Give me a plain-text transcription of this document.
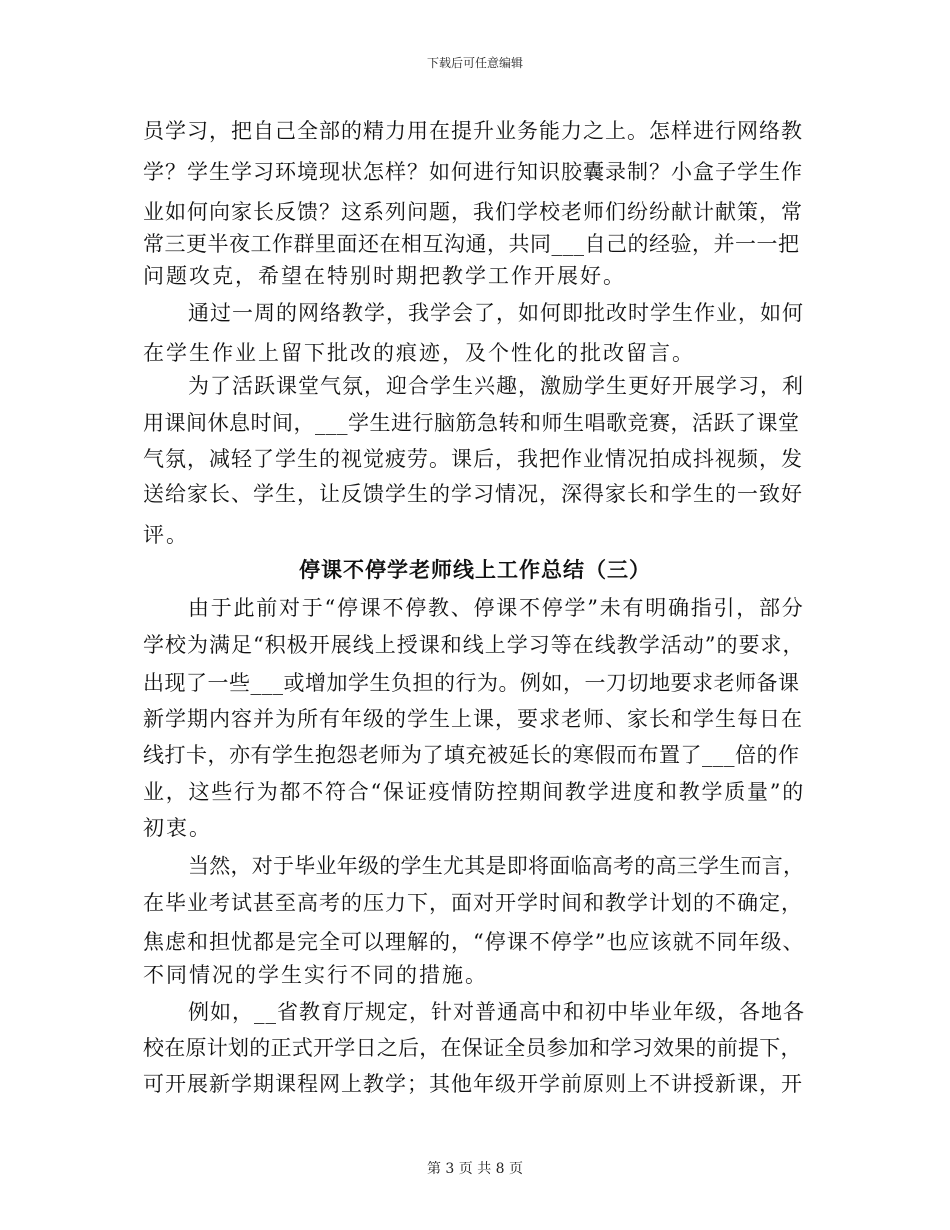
下载后可任意编辑
员学习，把自己全部的精力用在提升业务能力之上。怎样进行网络教
学？学生学习环境现状怎样？如何进行知识胶囊录制？小盒子学生作
业如何向家长反馈？这系列问题，我们学校老师们纷纷献计献策，常
常三更半夜工作群里面还在相互沟通，共同___自己的经验，并一一把
问题攻克，希望在特别时期把教学工作开展好。
通过一周的网络教学，我学会了，如何即批改时学生作业，如何
在学生作业上留下批改的痕迹，及个性化的批改留言。
为了活跃课堂气氛，迎合学生兴趣，激励学生更好开展学习，利
用课间休息时间，___学生进行脑筋急转和师生唱歌竞赛，活跃了课堂
气氛，减轻了学生的视觉疲劳。课后，我把作业情况拍成抖视频，发
送给家长、学生，让反馈学生的学习情况，深得家长和学生的一致好
评。
停课不停学老师线上工作总结（三）
由于此前对于“停课不停教、停课不停学”未有明确指引，部分
学校为满足“积极开展线上授课和线上学习等在线教学活动”的要求，
出现了一些___或增加学生负担的行为。例如，一刀切地要求老师备课
新学期内容并为所有年级的学生上课，要求老师、家长和学生每日在
线打卡，亦有学生抱怨老师为了填充被延长的寒假而布置了___倍的作
业，这些行为都不符合“保证疫情防控期间教学进度和教学质量”的
初衷。
当然，对于毕业年级的学生尤其是即将面临高考的高三学生而言，
在毕业考试甚至高考的压力下，面对开学时间和教学计划的不确定，
焦虑和担忧都是完全可以理解的，“停课不停学”也应该就不同年级、
不同情况的学生实行不同的措施。
例如，__省教育厅规定，针对普通高中和初中毕业年级，各地各
校在原计划的正式开学日之后，在保证全员参加和学习效果的前提下，
可开展新学期课程网上教学；其他年级开学前原则上不讲授新课，开
第 3 页 共 8 页
